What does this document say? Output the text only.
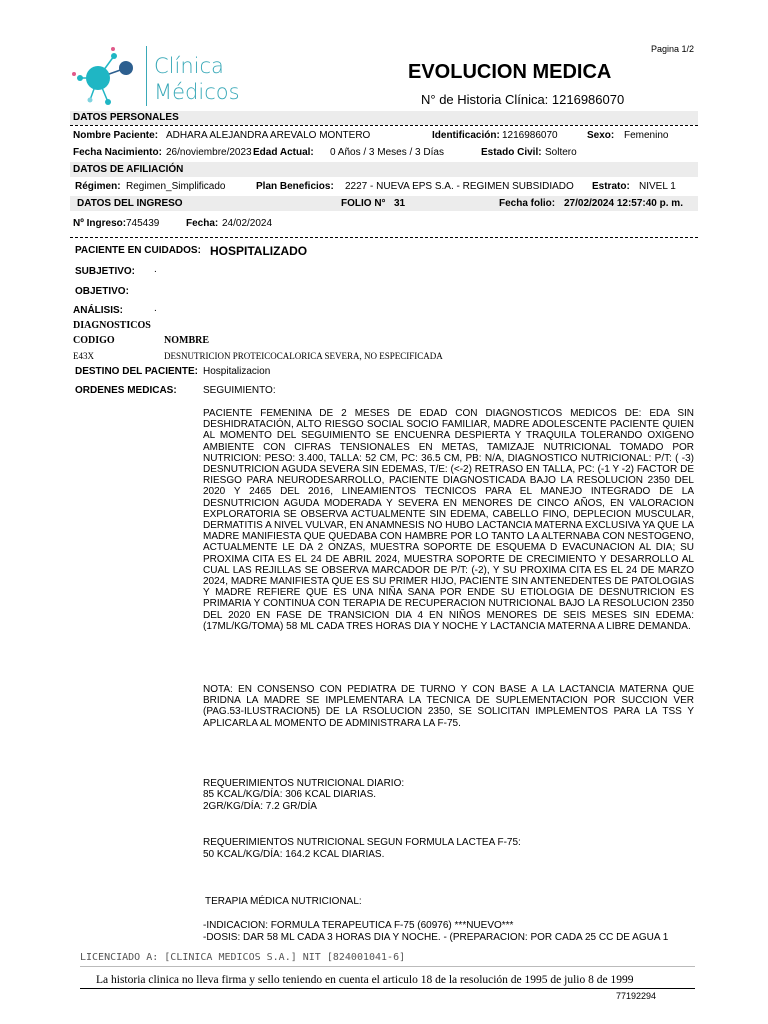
Clínica
Médicos
Pagina 1/2
EVOLUCION MEDICA
N° de Historia Clínica: 1216986070
DATOS PERSONALES
Nombre Paciente: ADHARA ALEJANDRA AREVALO MONTERO	Identificación: 1216986070	Sexo: Femenino
Fecha Nacimiento: 26/noviembre/2023 Edad Actual: 0 Años / 3 Meses / 3 Días	Estado Civil: Soltero
DATOS DE AFILIACIÓN
Régimen: Regimen_Simplificado	Plan Beneficios: 2227 - NUEVA EPS S.A. - REGIMEN SUBSIDIADO Estrato: NIVEL 1
DATOS DEL INGRESO	FOLIO N° 31	Fecha folio: 27/02/2024 12:57:40 p. m.
Nº Ingreso: 745439	Fecha: 24/02/2024
PACIENTE EN CUIDADOS: HOSPITALIZADO
SUBJETIVO: .
OBJETIVO:
ANÁLISIS:	.
DIAGNOSTICOS
CODIGO	NOMBRE
E43X	DESNUTRICION PROTEICOCALORICA SEVERA, NO ESPECIFICADA
DESTINO DEL PACIENTE: Hospitalizacion
ORDENES MEDICAS:	SEGUIMIENTO:

PACIENTE FEMENINA DE 2 MESES DE EDAD CON DIAGNOSTICOS MEDICOS DE: EDA SIN DESHIDRATACIÓN, ALTO RIESGO SOCIAL SOCIO FAMILIAR, MADRE ADOLESCENTE PACIENTE QUIEN AL MOMENTO DEL SEGUIMIENTO SE ENCUENRA DESPIERTA Y TRAQUILA TOLERANDO OXIGENO AMBIENTE CON CIFRAS TENSIONALES EN METAS, TAMIZAJE NUTRICIONAL TOMADO POR NUTRICION: PESO: 3.400, TALLA: 52 CM, PC: 36.5 CM, PB: N/A, DIAGNOSTICO NUTRICIONAL: P/T: ( -3) DESNUTRICION AGUDA SEVERA SIN EDEMAS, T/E: (<-2) RETRASO EN TALLA, PC: (-1 Y -2) FACTOR DE RIESGO PARA NEURODESARROLLO, PACIENTE DIAGNOSTICADA BAJO LA RESOLUCION 2350 DEL 2020 Y 2465 DEL 2016, LINEAMIENTOS TECNICOS PARA EL MANEJO INTEGRADO DE LA DESNUTRICION AGUDA MODERADA Y SEVERA EN MENORES DE CINCO AÑOS, EN VALORACION EXPLORATORIA SE OBSERVA ACTUALMENTE SIN EDEMA, CABELLO FINO, DEPLECION MUSCULAR, DERMATITIS A NIVEL VULVAR, EN ANAMNESIS NO HUBO LACTANCIA MATERNA EXCLUSIVA YA QUE LA MADRE MANIFIESTA QUE QUEDABA CON HAMBRE POR LO TANTO LA ALTERNABA CON NESTOGENO, ACTUALMENTE LE DA 2 ONZAS, MUESTRA SOPORTE DE ESQUEMA D EVACUNACION AL DIA; SU PROXIMA CITA ES EL 24 DE ABRIL 2024, MUESTRA SOPORTE DE CRECIMIENTO Y DESARROLLO AL CUAL LAS REJILLAS SE OBSERVA MARCADOR DE P/T: (-2), Y SU PROXIMA CITA ES EL 24 DE MARZO 2024, MADRE MANIFIESTA QUE ES SU PRIMER HIJO, PACIENTE SIN ANTENEDENTES DE PATOLOGIAS Y MADRE REFIERE QUE ES UNA NIÑA SANA POR ENDE SU ETIOLOGIA DE DESNUTRICION ES PRIMARIA Y CONTINUA CON TERAPIA DE RECUPERACION NUTRICIONAL BAJO LA RESOLUCION 2350 DEL 2020 EN FASE DE TRANSICION DIA 4 EN NIÑOS MENORES DE SEIS MESES SIN EDEMA: (17ML/KG/TOMA) 58 ML CADA TRES HORAS DIA Y NOCHE Y LACTANCIA MATERNA A LIBRE DEMANDA.

NOTA: EN CONSENSO CON PEDIATRA DE TURNO Y CON BASE A LA LACTANCIA MATERNA QUE BRIDNA LA MADRE SE IMPLEMENTARA LA TECNICA DE SUPLEMENTACION POR SUCCION VER (PAG.53-ILUSTRACION5) DE LA RSOLUCION 2350, SE SOLICITAN IMPLEMENTOS PARA LA TSS Y APLICARLA AL MOMENTO DE ADMINISTRARA LA F-75.

REQUERIMIENTOS NUTRICIONAL DIARIO:
85 KCAL/KG/DÍA: 306 KCAL DIARIAS.
2GR/KG/DÍA: 7.2 GR/DÍA
REQUERIMIENTOS NUTRICIONAL SEGUN FORMULA LACTEA F-75:
50 KCAL/KG/DÍA: 164.2 KCAL DIARIAS.
TERAPIA MÉDICA NUTRICIONAL:
-INDICACION: FORMULA TERAPEUTICA F-75 (60976) ***NUEVO***
-DOSIS: DAR 58 ML CADA 3 HORAS DIA Y NOCHE. - (PREPARACION: POR CADA 25 CC DE AGUA 1
LICENCIADO A: [CLINICA MEDICOS S.A.] NIT [824001041-6]
La historia clinica no lleva firma y sello teniendo en cuenta el articulo 18 de la resolución de 1995 de julio 8 de 1999
77192294
